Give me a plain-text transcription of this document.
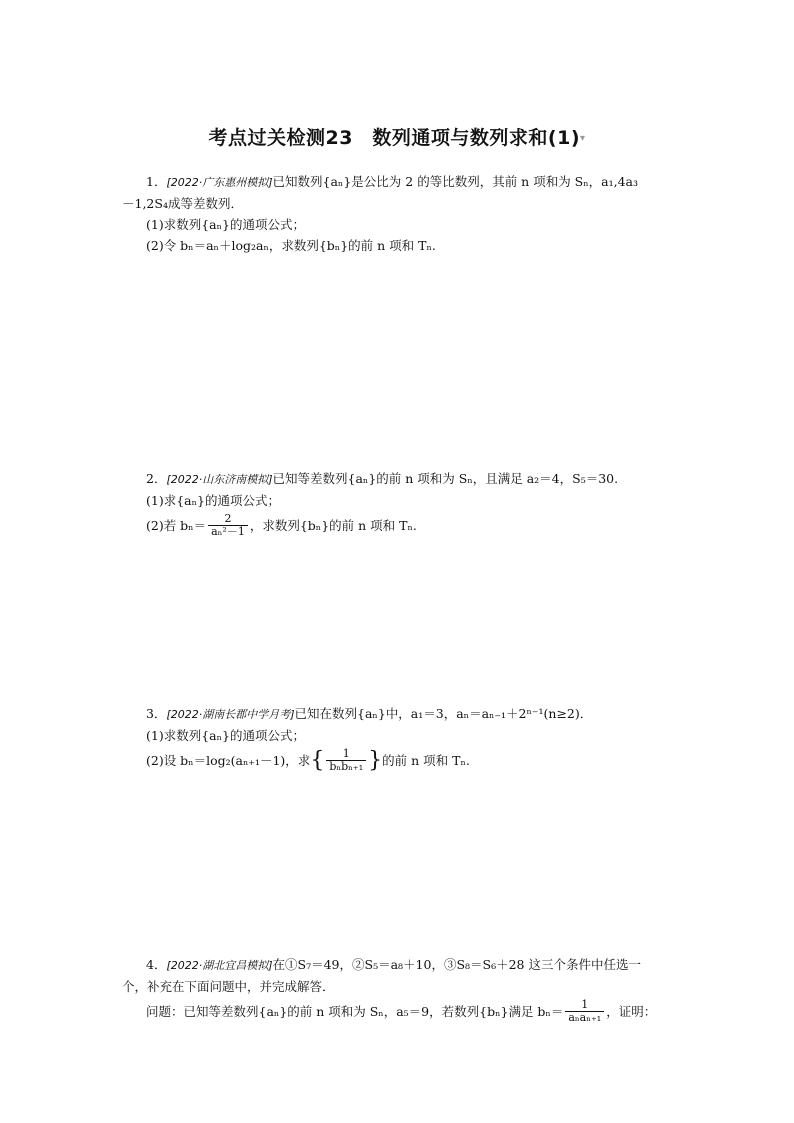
考点过关检测23　数列通项与数列求和(1)▾
1．[2022·广东惠州模拟]已知数列{aₙ}是公比为 2 的等比数列，其前 n 项和为 Sₙ，a₁,4a₃
－1,2S₄成等差数列．
(1)求数列{aₙ}的通项公式；
(2)令 bₙ＝aₙ＋log₂aₙ，求数列{bₙ}的前 n 项和 Tₙ.
2．[2022·山东济南模拟]已知等差数列{aₙ}的前 n 项和为 Sₙ，且满足 a₂＝4，S₅＝30.
(1)求{aₙ}的通项公式；
(2)若 $b_n= \frac{2}{\text{aₙ²－1}}$ ，求数列{bₙ}的前 n 项和 Tₙ.
3．[2022·湖南长郡中学月考]已知在数列{aₙ}中，a₁＝3，aₙ＝aₙ₋₁＋2ⁿ⁻¹(n≥2)．
(1)求数列{aₙ}的通项公式；
(2)设 bₙ＝log₂(aₙ₊₁－1)，求{ $\frac{1}{\text{bₙbₙ₊₁}}$ }的前 n 项和 Tₙ.
4．[2022·湖北宜昌模拟]在①S₇＝49，②S₅＝a₈＋10，③S₈＝S₆＋28 这三个条件中任选一
个，补充在下面问题中，并完成解答．
问题：已知等差数列{aₙ}的前 n 项和为 Sₙ，a₅＝9，若数列{bₙ}满足 $b_n= \frac{1}{\text{aₙaₙ₊₁}}$ ，证明：
